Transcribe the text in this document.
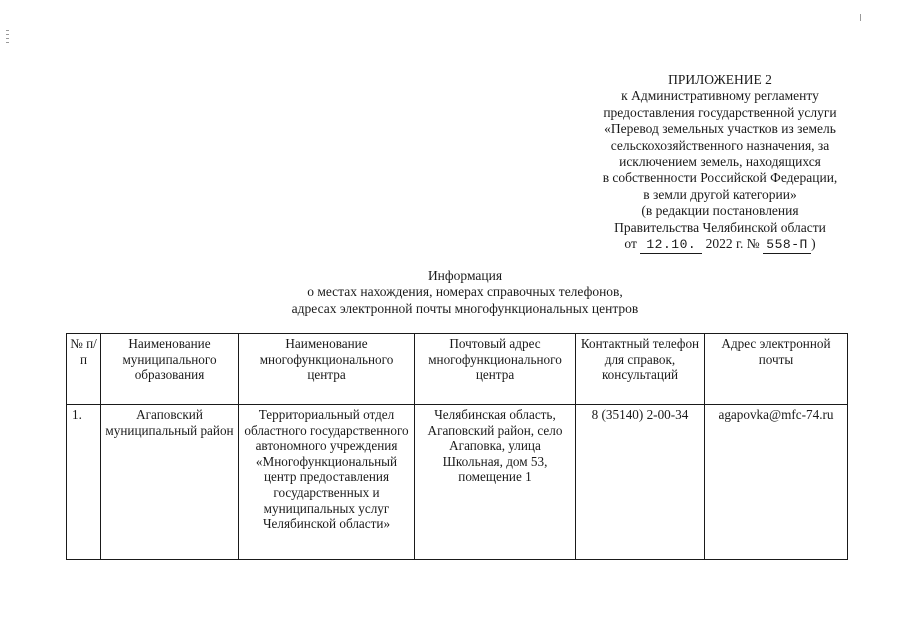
ПРИЛОЖЕНИЕ 2
к Административному регламенту
предоставления государственной услуги
«Перевод земельных участков из земель
сельскохозяйственного назначения, за
исключением земель, находящихся
в собственности Российской Федерации,
в земли другой категории»
(в редакции постановления
Правительства Челябинской области
от 12.10. 2022 г. № 558-П )
Информация
о местах нахождения, номерах справочных телефонов,
адресах электронной почты многофункциональных центров
№ п/п	Наименование муниципального образования	Наименование многофункционального центра	Почтовый адрес многофункционального центра	Контактный телефон для справок, консультаций	Адрес электронной почты
1.	Агаповский муниципальный район	Территориальный отдел областного государственного автономного учреждения «Многофункциональный центр предоставления государственных и муниципальных услуг Челябинской области»	Челябинская область, Агаповский район, село Агаповка, улица Школьная, дом 53, помещение 1	8 (35140) 2-00-34	agapovka@mfc-74.ru
